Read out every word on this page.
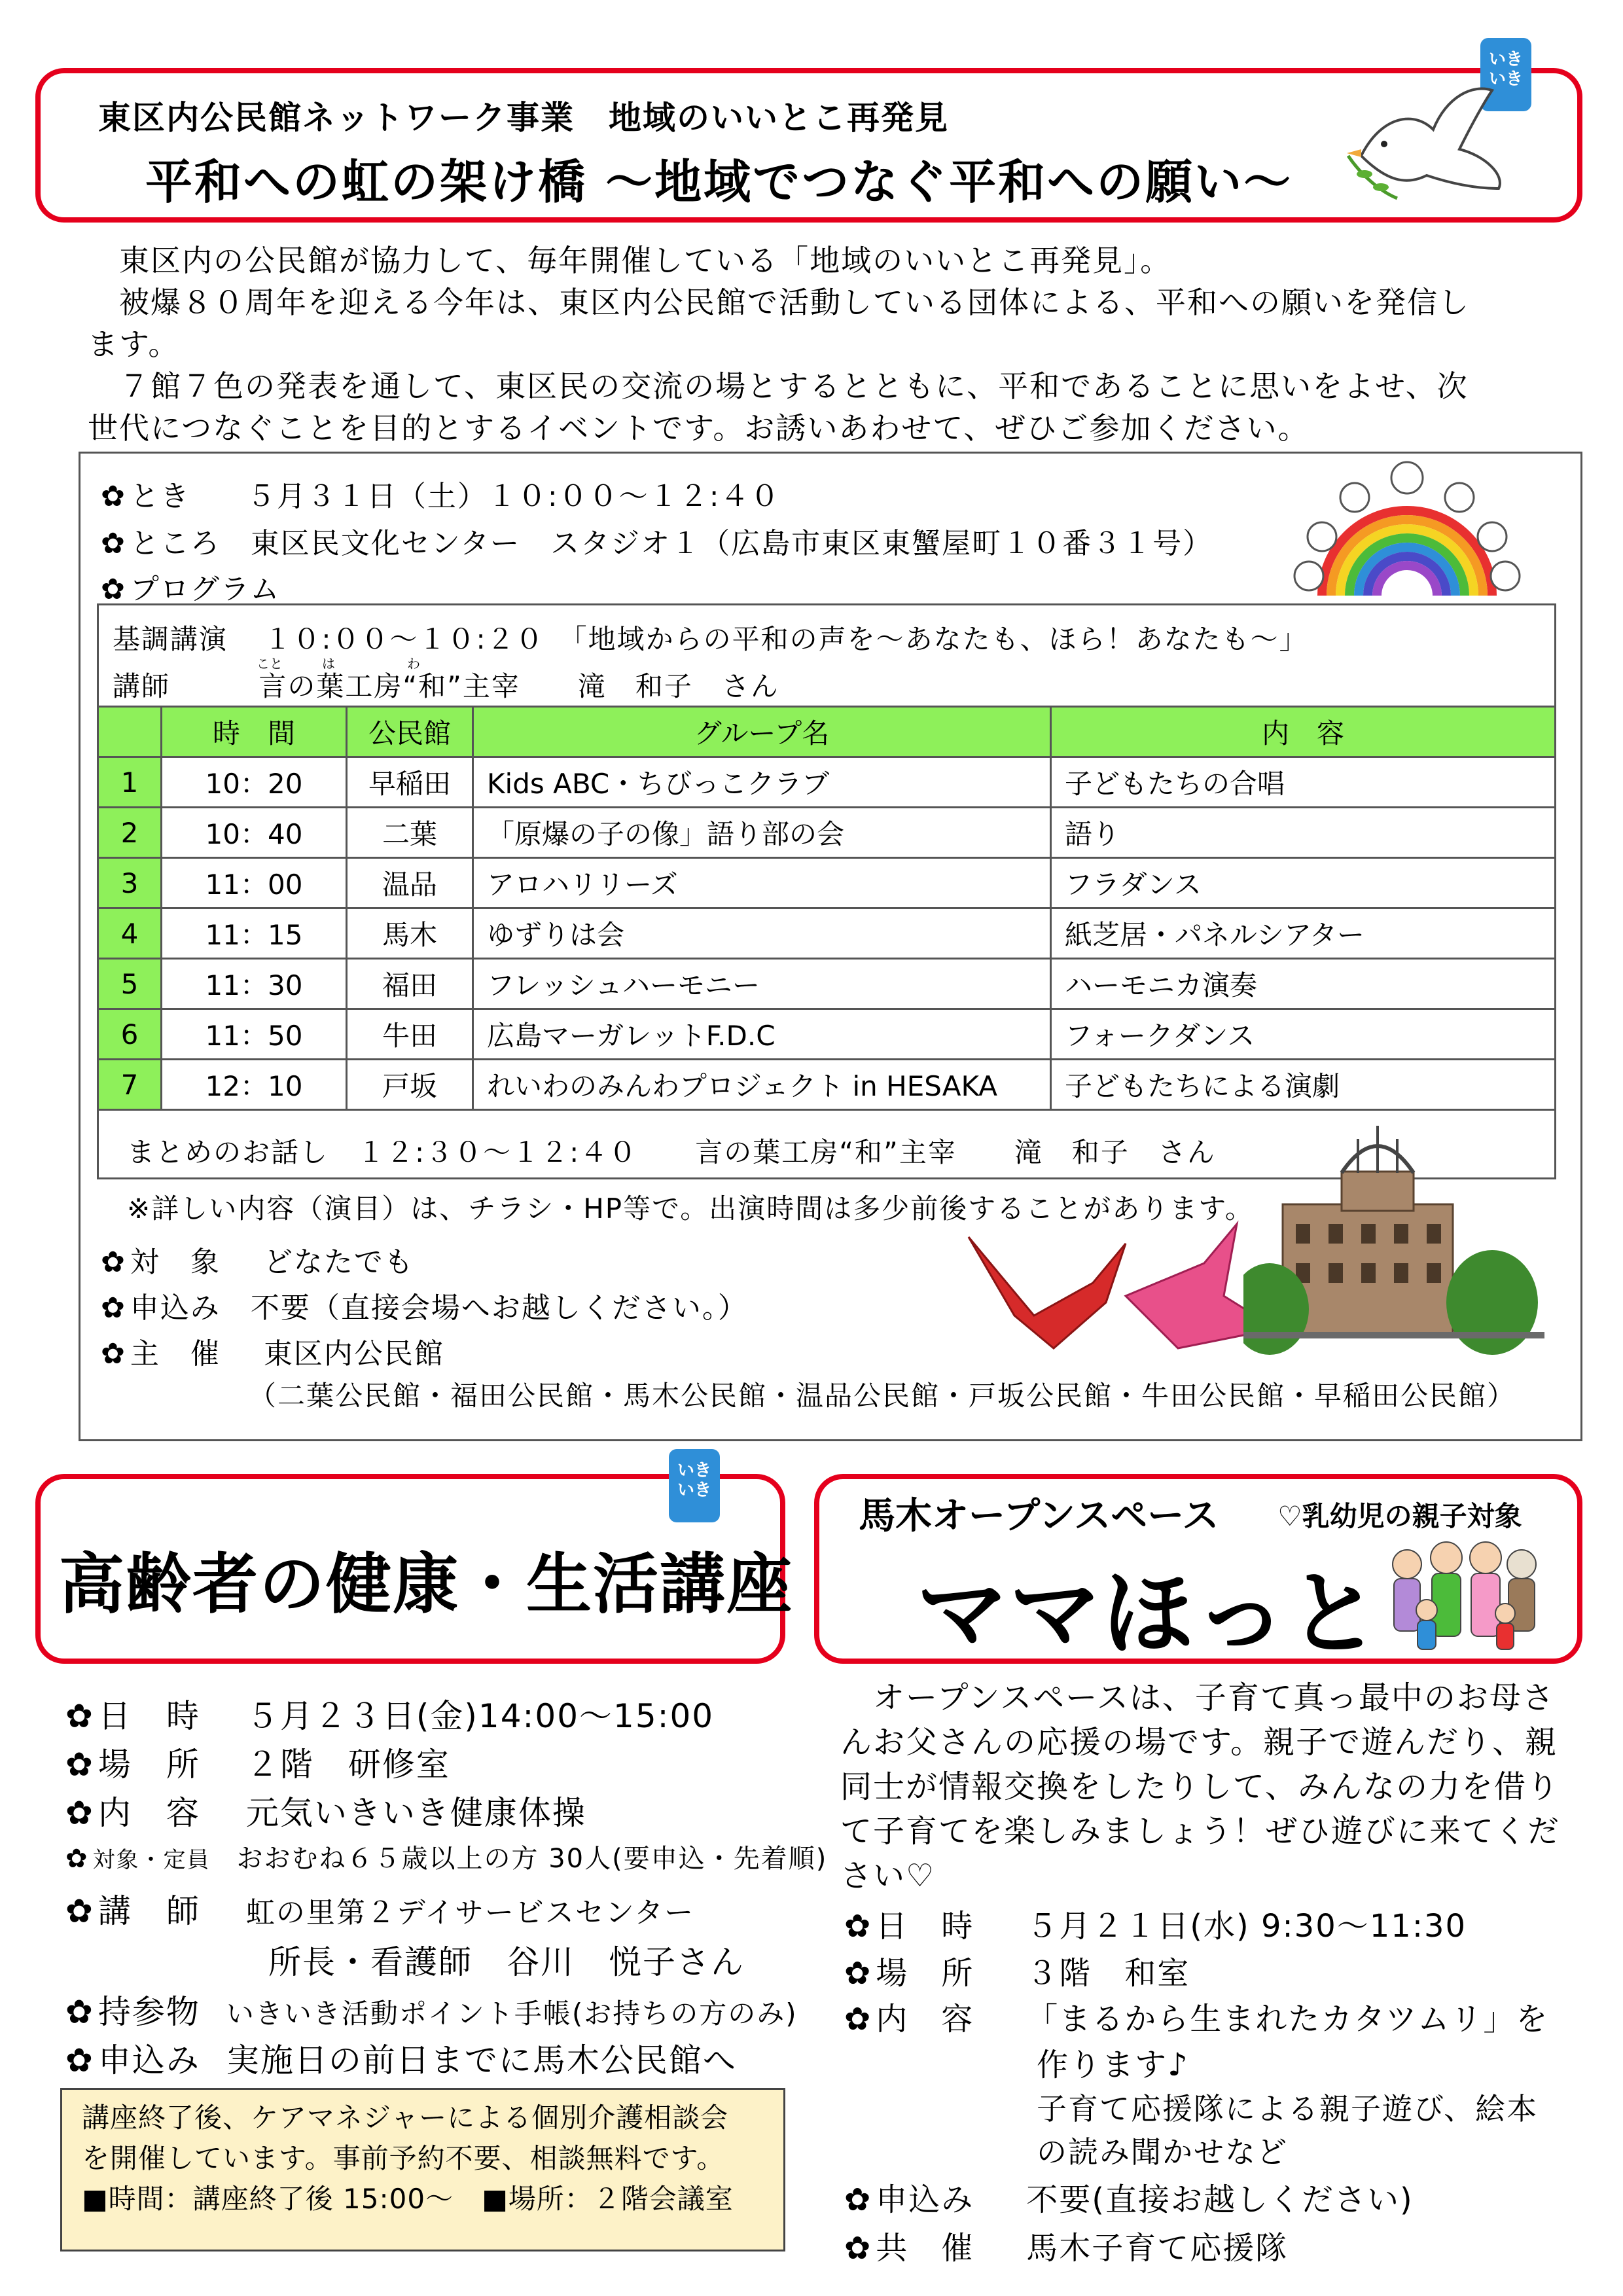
いき
いき
東区内公民館ネットワーク事業　地域のいいとこ再発見
平和への虹の架け橋 ～地域でつなぐ平和への願い～

　東区内の公民館が協力して、毎年開催している「地域のいいとこ再発見」。

　被爆８０周年を迎える今年は、東区内公民館で活動している団体による、平和への願いを発信し

ます。

　７館７色の発表を通して、東区民の交流の場とするとともに、平和であることに思いをよせ、次

世代につなぐことを目的とするイベントです。お誘いあわせて、ぜひご参加ください。

✿ とき ５月３１日（土）１０:００～１２:４０
✿ ところ 東区民文化センター　スタジオ１（広島市東区東蟹屋町１０番３１号）
✿ プログラム
基調講演 １０:００～１０:２０　「地域からの平和の声を～あなたも、ほら！あなたも～」
講師	言の葉工房“和”主宰　　滝　和子　さん
こと	は	わ
	時　間	公民館	グループ名	内　容
1	10：20	早稲田	Kids ABC・ちびっこクラブ	子どもたちの合唱
2	10：40	二葉	「原爆の子の像」語り部の会	語り
3	11：00	温品	アロハリリーズ	フラダンス
4	11：15	馬木	ゆずりは会	紙芝居・パネルシアター
5	11：30	福田	フレッシュハーモニー	ハーモニカ演奏
6	11：50	牛田	広島マーガレットF.D.C	フォークダンス
7	12：10	戸坂	れいわのみんわプロジェクト in HESAKA	子どもたちによる演劇
まとめのお話し　１２:３０～１２:４０　　言の葉工房“和”主宰　　滝　和子　さん
※詳しい内容（演目）は、チラシ・HP等で。出演時間は多少前後することがあります。
✿ 対　象 どなたでも
✿ 申込み 不要（直接会場へお越しください。）
✿ 主　催 東区内公民館
（二葉公民館・福田公民館・馬木公民館・温品公民館・戸坂公民館・牛田公民館・早稲田公民館）
いき
いき
高齢者の健康・生活講座
✿ 日　時 ５月２３日(金)14:00～15:00
✿ 場　所 ２階　研修室
✿ 内　容 元気いきいき健康体操
✿ 対象・定員 おおむね６５歳以上の方 30人(要申込・先着順)
✿ 講　師 虹の里第２デイサービスセンター
所長・看護師　谷川　悦子さん
✿ 持参物 いきいき活動ポイント手帳(お持ちの方のみ)
✿ 申込み 実施日の前日までに馬木公民館へ
講座終了後、ケアマネジャーによる個別介護相談会
を開催しています。事前予約不要、相談無料です。
■時間：講座終了後 15:00～　■場所：２階会議室
馬木オープンスペース ♡乳幼児の親子対象
ママほっと

　オープンスペースは、子育て真っ最中のお母さ

んお父さんの応援の場です。親子で遊んだり、親

同士が情報交換をしたりして、みんなの力を借り

て子育てを楽しみましょう！ぜひ遊びに来てくだ

さい♡

✿ 日　時 ５月２１日(水) 9:30～11:30
✿ 場　所 ３階　和室
✿ 内　容 「まるから生まれたカタツムリ」を
作ります♪
子育て応援隊による親子遊び、絵本
の読み聞かせなど
✿ 申込み 不要(直接お越しください)
✿ 共　催 馬木子育て応援隊
